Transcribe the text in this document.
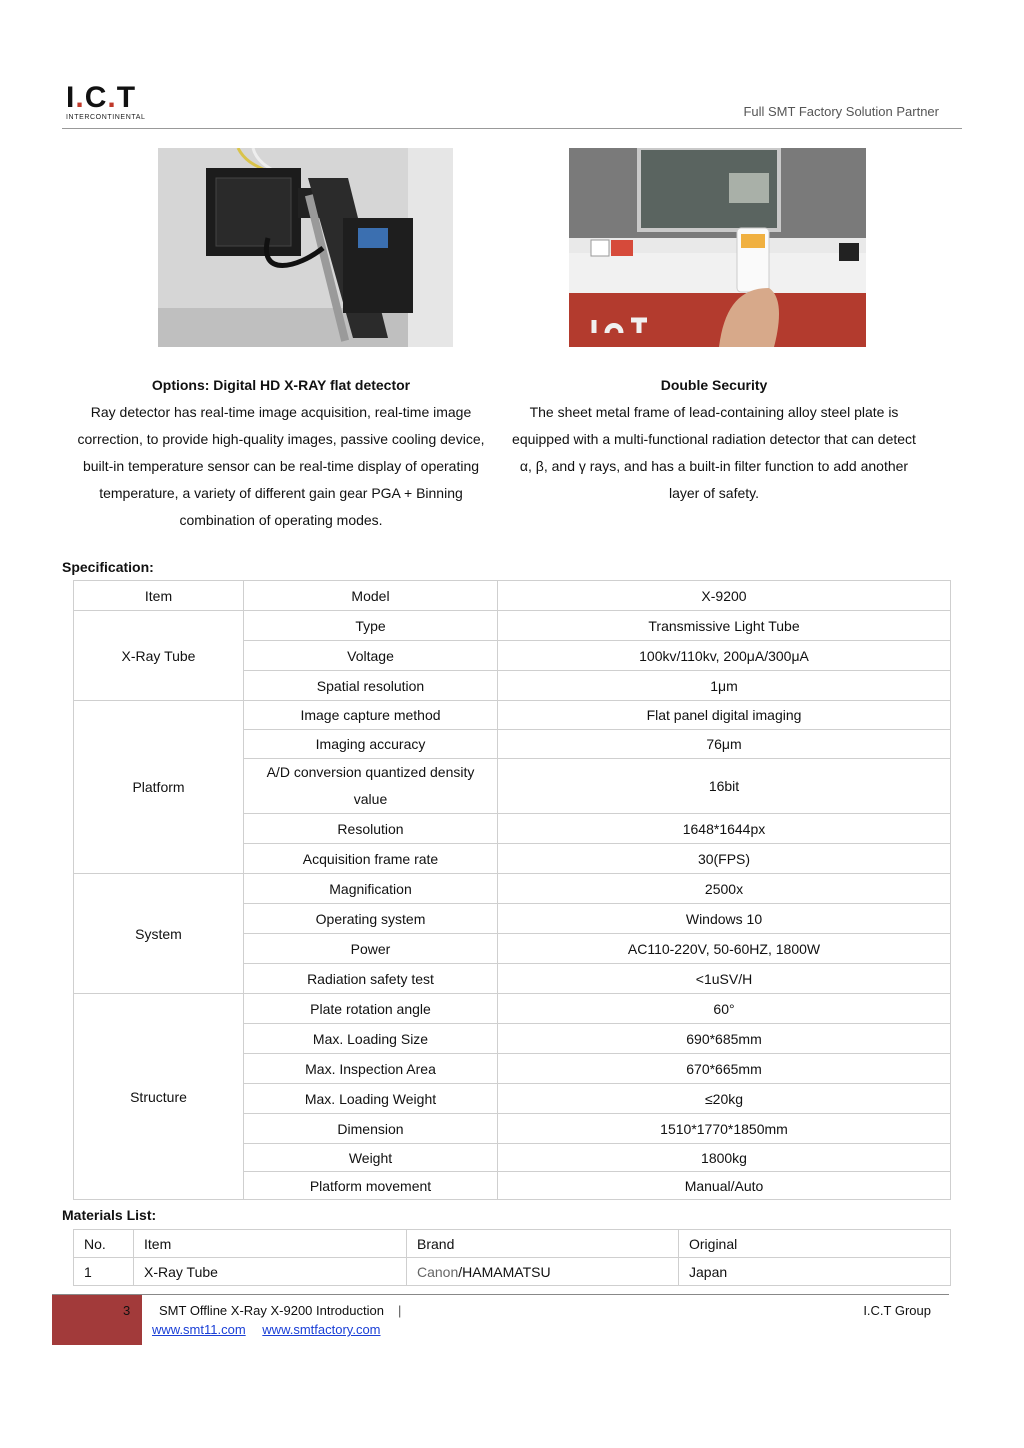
I.C.T
INTERCONTINENTAL	Full SMT Factory Solution Partner
Options: Digital HD X-RAY flat detector
Ray detector has real-time image acquisition, real-time image correction, to provide high-quality images, passive cooling device, built-in temperature sensor can be real-time display of operating temperature, a variety of different gain gear PGA + Binning combination of operating modes.
Double Security
The sheet metal frame of lead-containing alloy steel plate is equipped with a multi-functional radiation detector that can detect α, β, and γ rays, and has a built-in filter function to add another layer of safety.
Specification:
Item	Model	X-9200
X-Ray Tube	Type	Transmissive Light Tube
	Voltage	100kv/110kv, 200μA/300μA
	Spatial resolution	1μm
Platform	Image capture method	Flat panel digital imaging
	Imaging accuracy	76μm
	A/D conversion quantized density value	16bit
	Resolution	1648*1644px
	Acquisition frame rate	30(FPS)
System	Magnification	2500x
	Operating system	Windows 10
	Power	AC110-220V, 50-60HZ, 1800W
	Radiation safety test	<1uSV/H
Structure	Plate rotation angle	60°
	Max. Loading Size	690*685mm
	Max. Inspection Area	670*665mm
	Max. Loading Weight	≤20kg
	Dimension	1510*1770*1850mm
	Weight	1800kg
	Platform movement	Manual/Auto
Materials List:
No.	Item	Brand	Original
1	X-Ray Tube	Canon/HAMAMATSU	Japan
3 SMT Offline X-Ray X-9200 Introduction |	I.C.T Group
www.smt11.com www.smtfactory.com
